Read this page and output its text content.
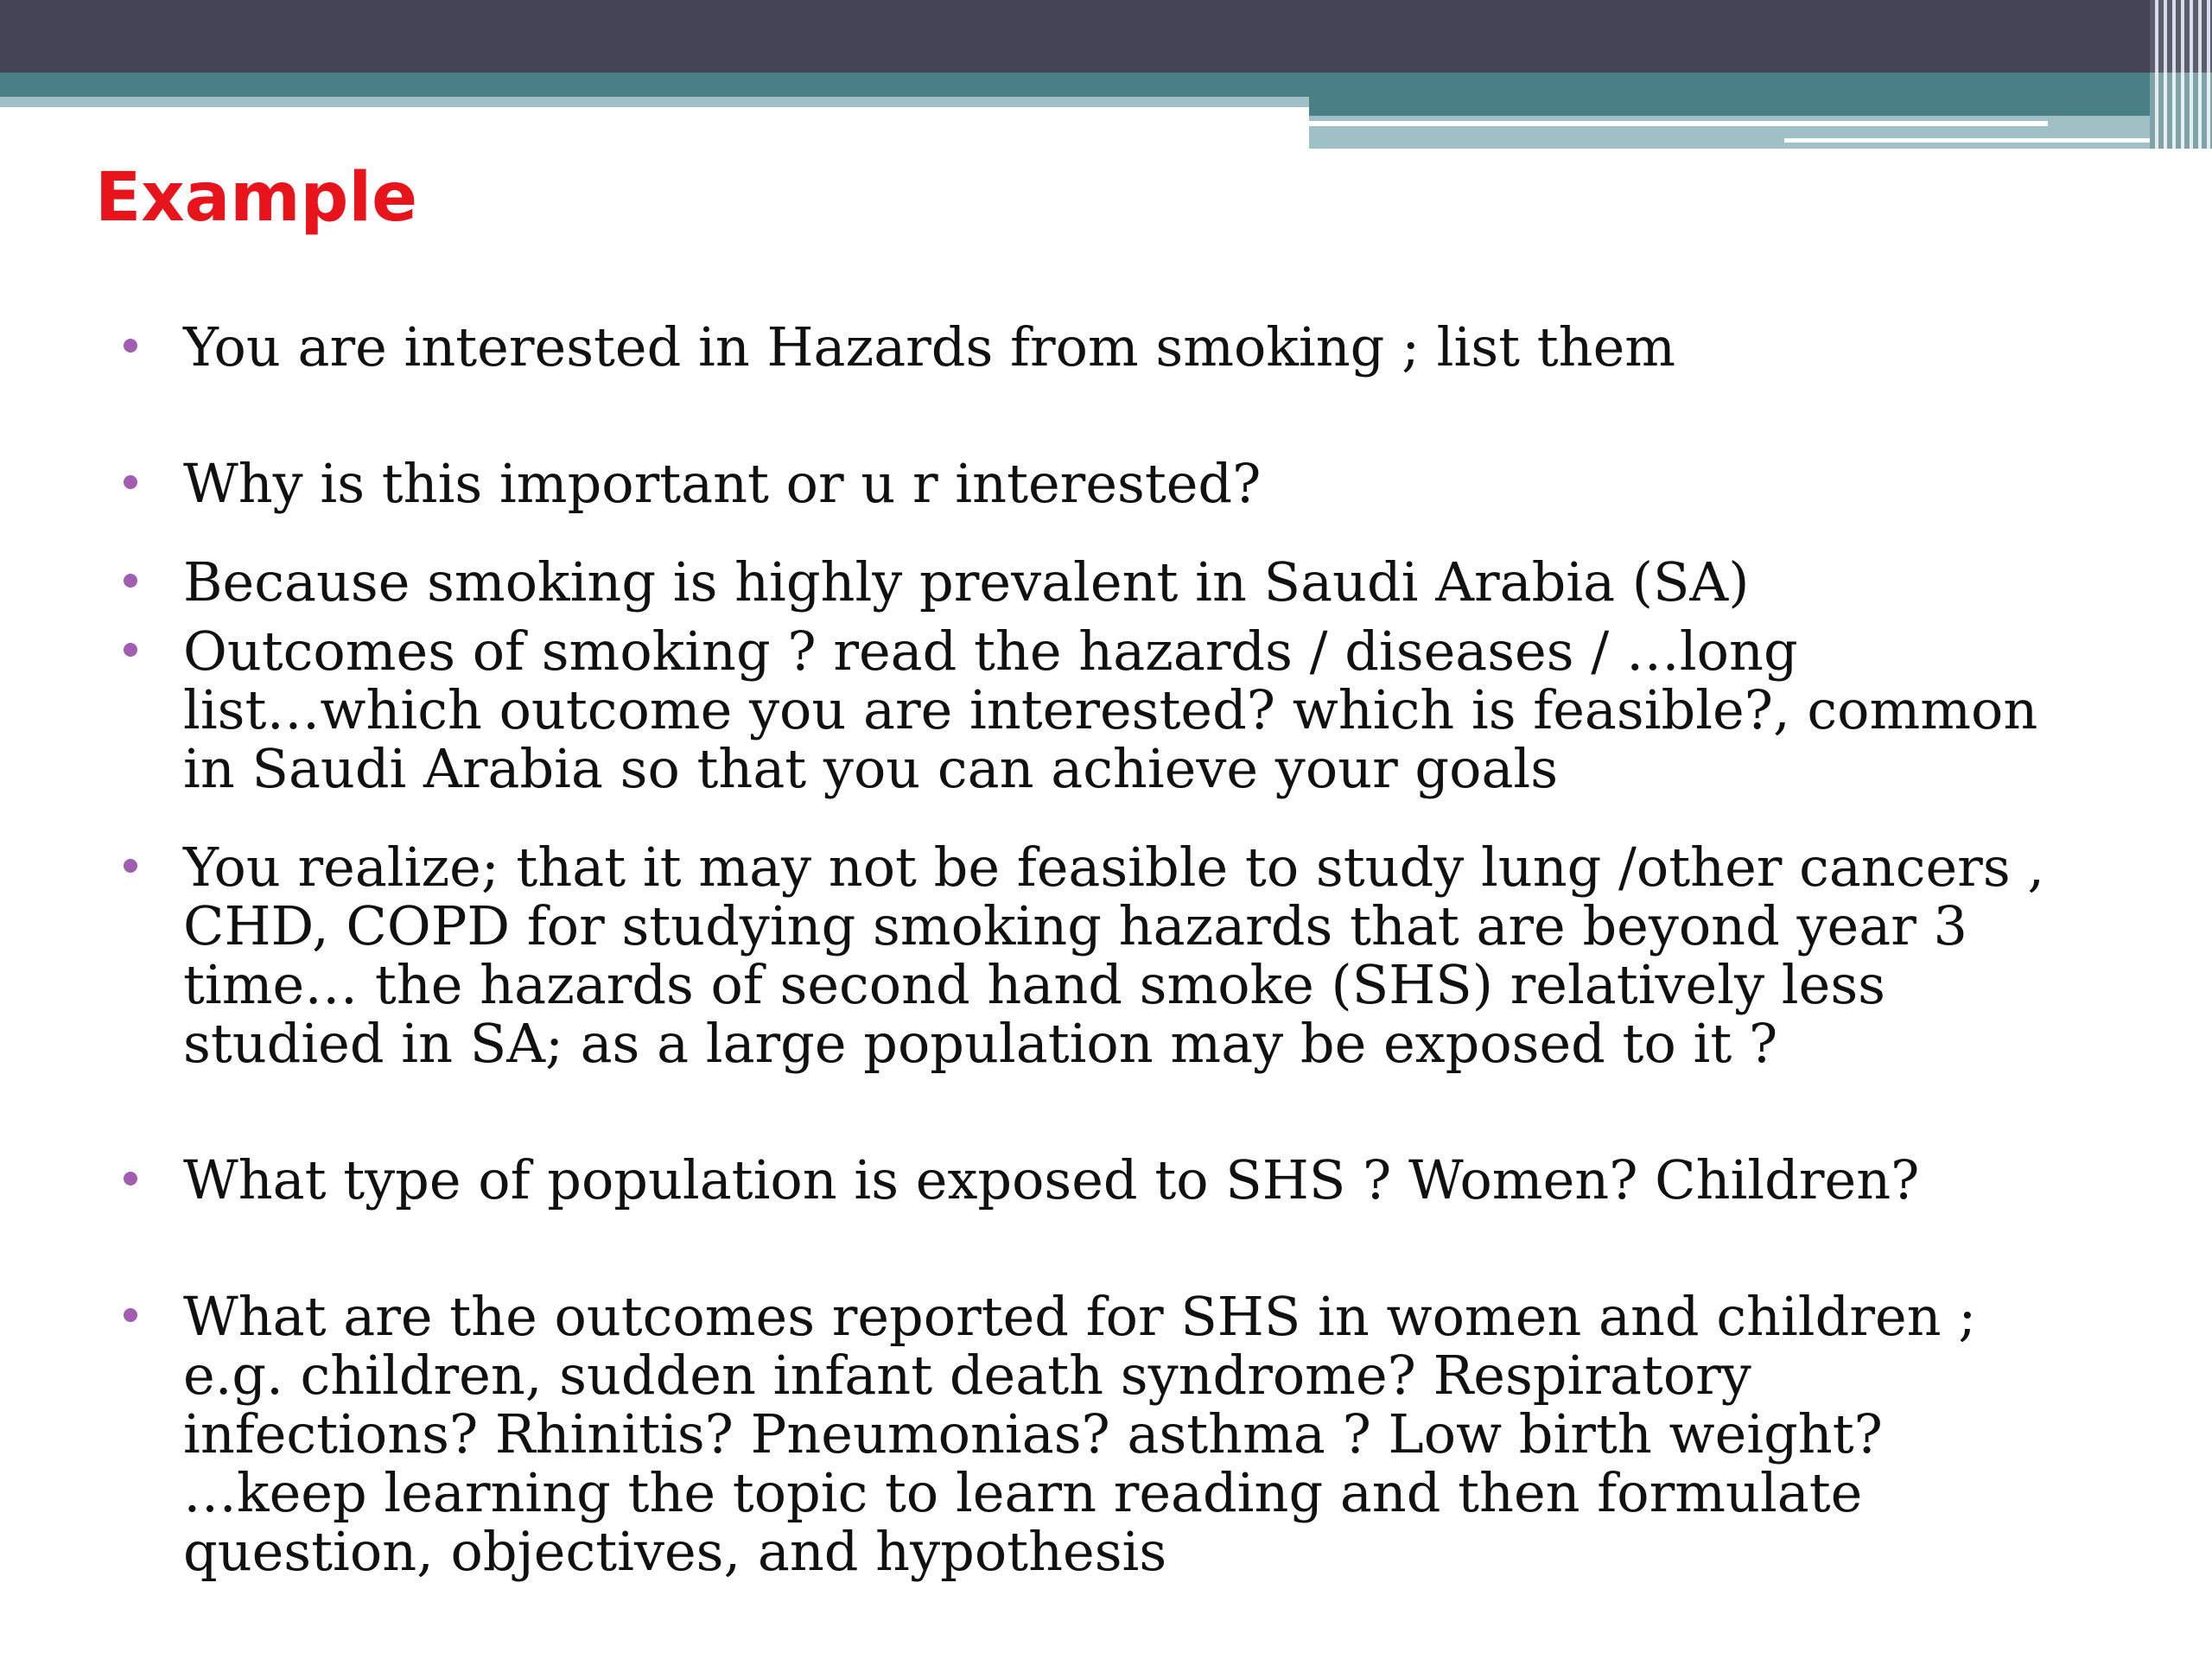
Example
You are interested in Hazards from smoking ; list them
Why is this important or u r interested?
Because smoking is highly prevalent in Saudi Arabia (SA)
Outcomes of smoking ? read the hazards / diseases / …long
list…which outcome you are interested? which is feasible?, common
in Saudi Arabia so that you can achieve your goals
You realize; that it may not be feasible to study lung /other cancers ,
CHD, COPD for studying smoking hazards that are beyond year 3
time… the hazards of second hand smoke (SHS) relatively less
studied in SA; as a large population may be exposed to it ?
What type of population is exposed to SHS ? Women? Children?
What are the outcomes reported for SHS in women and children ;
e.g. children, sudden infant death syndrome? Respiratory
infections? Rhinitis? Pneumonias? asthma ? Low birth weight?
…keep learning the topic to learn reading and then formulate
question, objectives, and hypothesis
